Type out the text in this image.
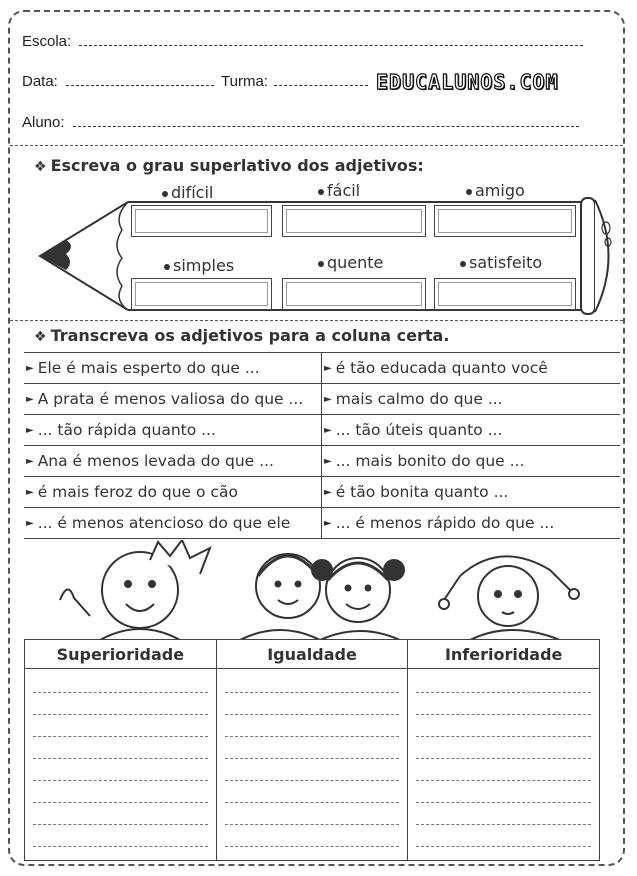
Escola:
Data:	Turma:	EDUCALUNOS.COM
Aluno:
❖ Escreva o grau superlativo dos adjetivos:
difícil	fácil	amigo
simples	quente	satisfeito
❖ Transcreva os adjetivos para a coluna certa.
► Ele é mais esperto do que ...	► é tão educada quanto você
► A prata é menos valiosa do que ... ► mais calmo do que ...
► ... tão rápida quanto ...	► ... tão úteis quanto ...
► Ana é menos levada do que ...	► ... mais bonito do que ...
► é mais feroz do que o cão	► é tão bonita quanto ...
► ... é menos atencioso do que ele	► ... é menos rápido do que ...
Superioridade	Igualdade	Inferioridade
